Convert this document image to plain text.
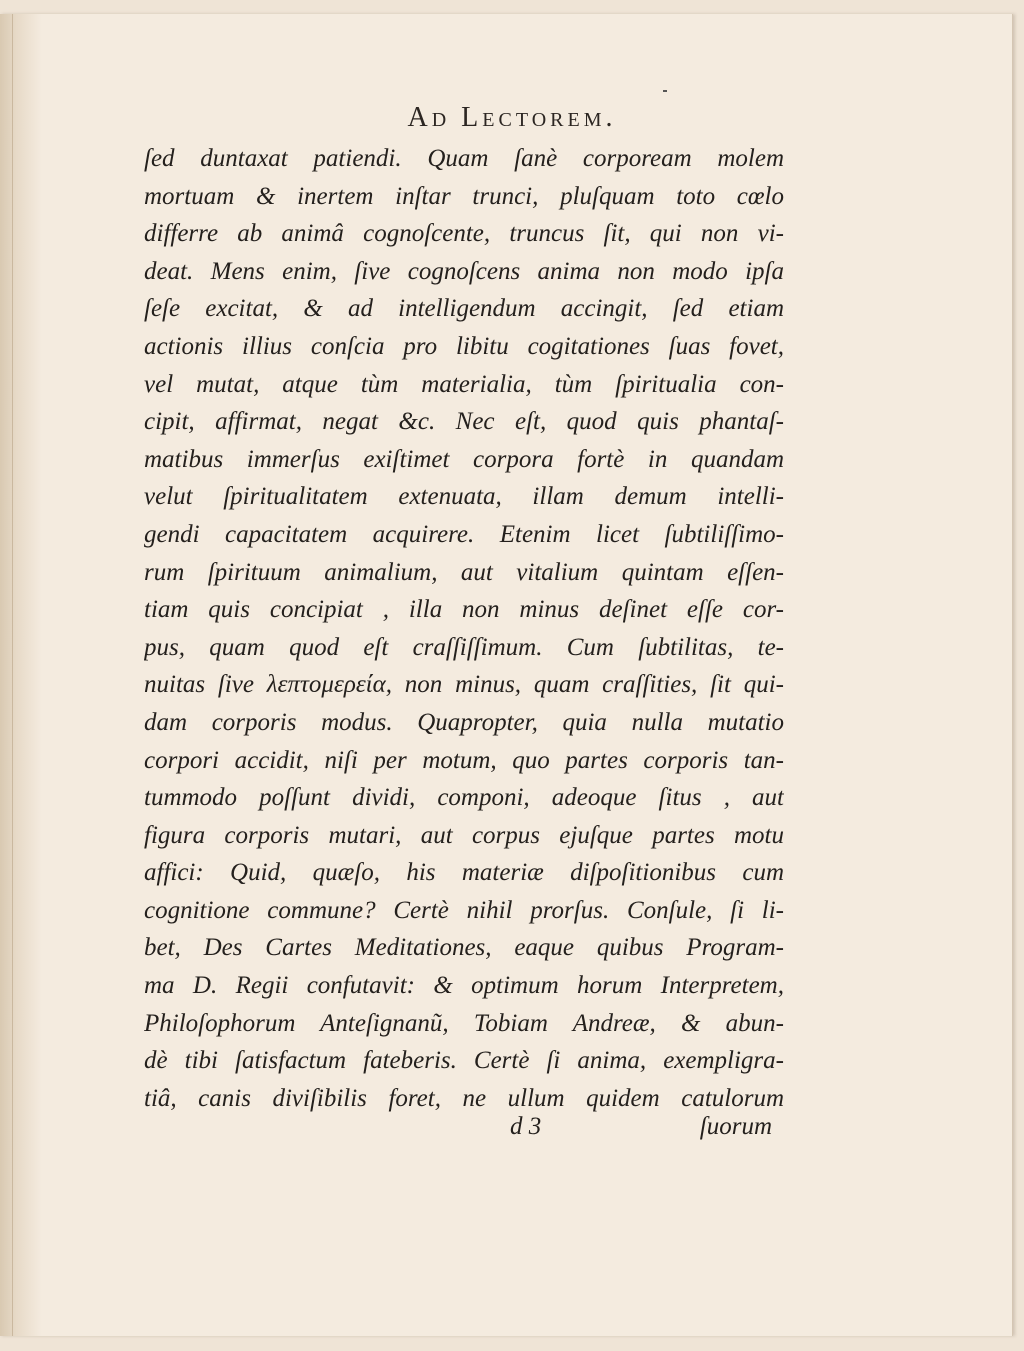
Ad Lectorem.
ſed duntaxat patiendi. Quam ſanè corpoream molem
mortuam & inertem inſtar trunci, pluſquam toto cœlo
differre ab animâ cognoſcente, truncus ſit, qui non vi-
deat. Mens enim, ſive cognoſcens anima non modo ipſa
ſeſe excitat, & ad intelligendum accingit, ſed etiam
actionis illius conſcia pro libitu cogitationes ſuas fovet,
vel mutat, atque tùm materialia, tùm ſpiritualia con-
cipit, affirmat, negat &c. Nec eſt, quod quis phantaſ-
matibus immerſus exiſtimet corpora fortè in quandam
velut ſpiritualitatem extenuata, illam demum intelli-
gendi capacitatem acquirere. Etenim licet ſubtiliſſimo-
rum ſpirituum animalium, aut vitalium quintam eſſen-
tiam quis concipiat , illa non minus deſinet eſſe cor-
pus, quam quod eſt craſſiſſimum. Cum ſubtilitas, te-
nuitas ſive λεπτομερεία, non minus, quam craſſities, ſit qui-
dam corporis modus. Quapropter, quia nulla mutatio
corpori accidit, niſi per motum, quo partes corporis tan-
tummodo poſſunt dividi, componi, adeoque ſitus , aut
figura corporis mutari, aut corpus ejuſque partes motu
affici: Quid, quæſo, his materiæ diſpoſitionibus cum
cognitione commune? Certè nihil prorſus. Conſule, ſi li-
bet, Des Cartes Meditationes, eaque quibus Program-
ma D. Regii confutavit: & optimum horum Interpretem,
Philoſophorum Anteſignanũ, Tobiam Andreæ, & abun-
dè tibi ſatisfactum fateberis. Certè ſi anima, exempligra-
tiâ, canis diviſibilis foret, ne ullum quidem catulorum
d 3	ſuorum
